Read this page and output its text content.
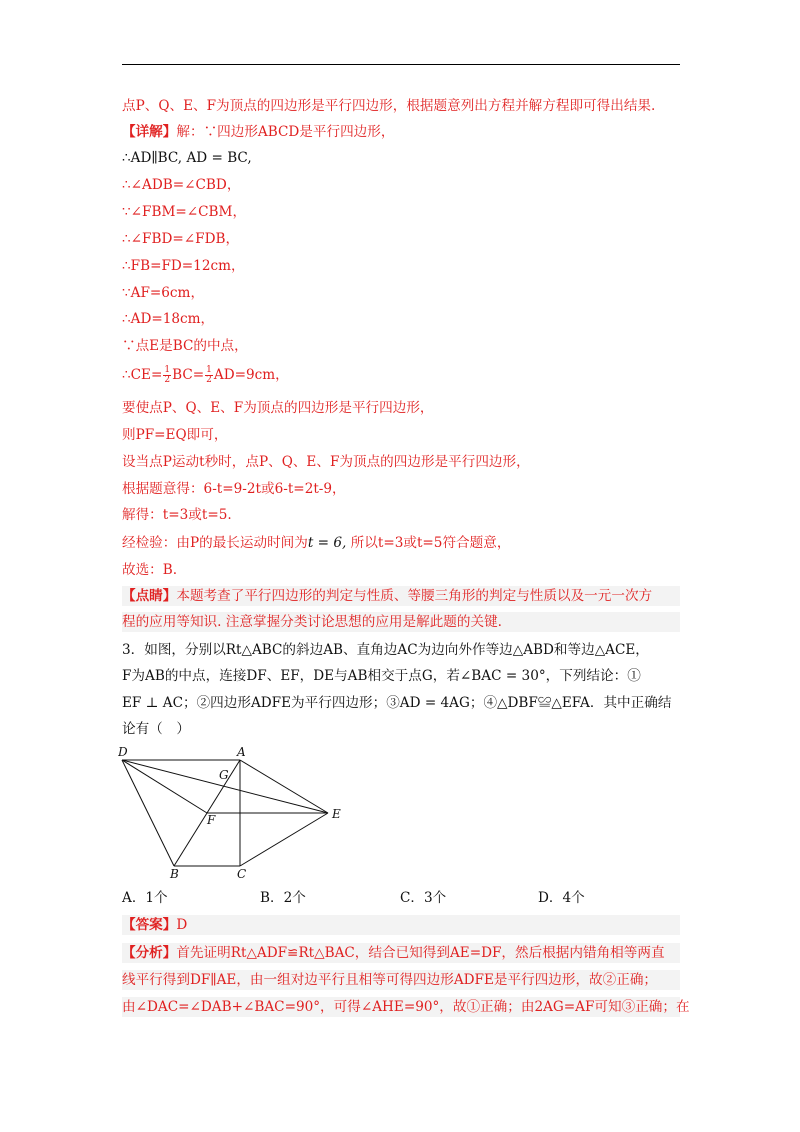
点P、Q、E、F为顶点的四边形是平行四边形，根据题意列出方程并解方程即可得出结果.
【详解】解：∵四边形ABCD是平行四边形，
∴AD∥BC, AD = BC,
∴∠ADB=∠CBD，
∵∠FBM=∠CBM，
∴∠FBD=∠FDB，
∴FB=FD=12cm，
∵AF=6cm，
∴AD=18cm，
∵点E是BC的中点，
∴CE= $\frac{1}{2} BC= \frac{1}{2} AD=9cm$，
要使点P、Q、E、F为顶点的四边形是平行四边形，
则PF=EQ即可，
设当点P运动t秒时，点P、Q、E、F为顶点的四边形是平行四边形，
根据题意得：6-t=9-2t或6-t=2t-9，
解得：t=3或t=5.
经检验：由P的最长运动时间为t = 6, 所以t=3或t=5符合题意，
故选：B.
【点睛】本题考查了平行四边形的判定与性质、等腰三角形的判定与性质以及一元一次方
程的应用等知识. 注意掌握分类讨论思想的应用是解此题的关键.
3．如图，分别以Rt△ABC的斜边AB、直角边AC为边向外作等边△ABD和等边△ACE，
F为AB的中点，连接DF、EF，DE与AB相交于点G，若∠BAC = 30°，下列结论：①
EF ⊥ AC；②四边形ADFE为平行四边形；③AD = 4AG；④△DBF≌△EFA．其中正确结
论有（　）
D	A
G
F	E
B	C
A．1个	B．2个	C．3个	D．4个
【答案】D
【分析】首先证明Rt△ADF≌Rt△BAC，结合已知得到AE=DF，然后根据内错角相等两直
线平行得到DF∥AE，由一组对边平行且相等可得四边形ADFE是平行四边形，故②正确；
由∠DAC=∠DAB+∠BAC=90°，可得∠AHE=90°，故①正确；由2AG=AF可知③正确；在
